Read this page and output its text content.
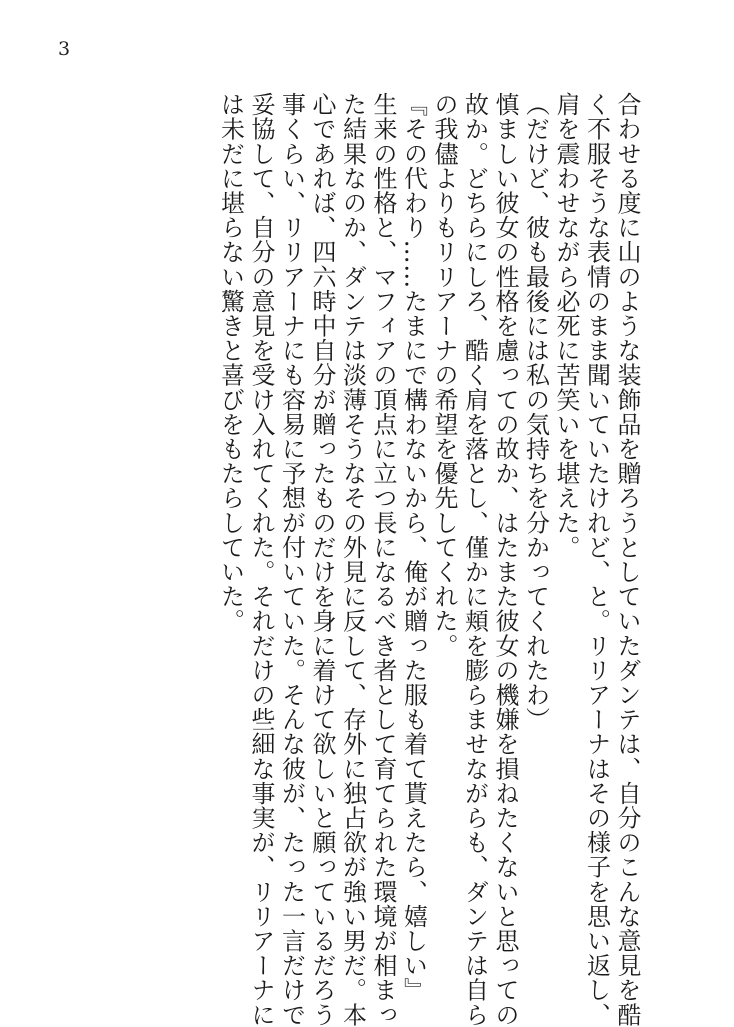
3
合わせる度に山のような装飾品を贈ろうとしていたダンテは、自分のこんな意見を酷
く不服そうな表情のまま聞いていたけれど、と。リリアーナはその様子を思い返し、
肩を震わせながら必死に苦笑いを堪えた。
（だけど、彼も最後には私の気持ちを分かってくれたわ）
慎ましい彼女の性格を慮っての故か、はたまた彼女の機嫌を損ねたくないと思っての
故か。どちらにしろ、酷く肩を落とし、僅かに頬を膨らませながらも、ダンテは自ら
の我儘よりもリリアーナの希望を優先してくれた。
『その代わり……たまにで構わないから、俺が贈った服も着て貰えたら、嬉しい』
生来の性格と、マフィアの頂点に立つ長になるべき者として育てられた環境が相まっ
た結果なのか、ダンテは淡薄そうなその外見に反して、存外に独占欲が強い男だ。本
心であれば、四六時中自分が贈ったものだけを身に着けて欲しいと願っているだろう
事くらい、リリアーナにも容易に予想が付いていた。そんな彼が、たった一言だけで
妥協して、自分の意見を受け入れてくれた。それだけの些細な事実が、リリアーナに
は未だに堪らない驚きと喜びをもたらしていた。
